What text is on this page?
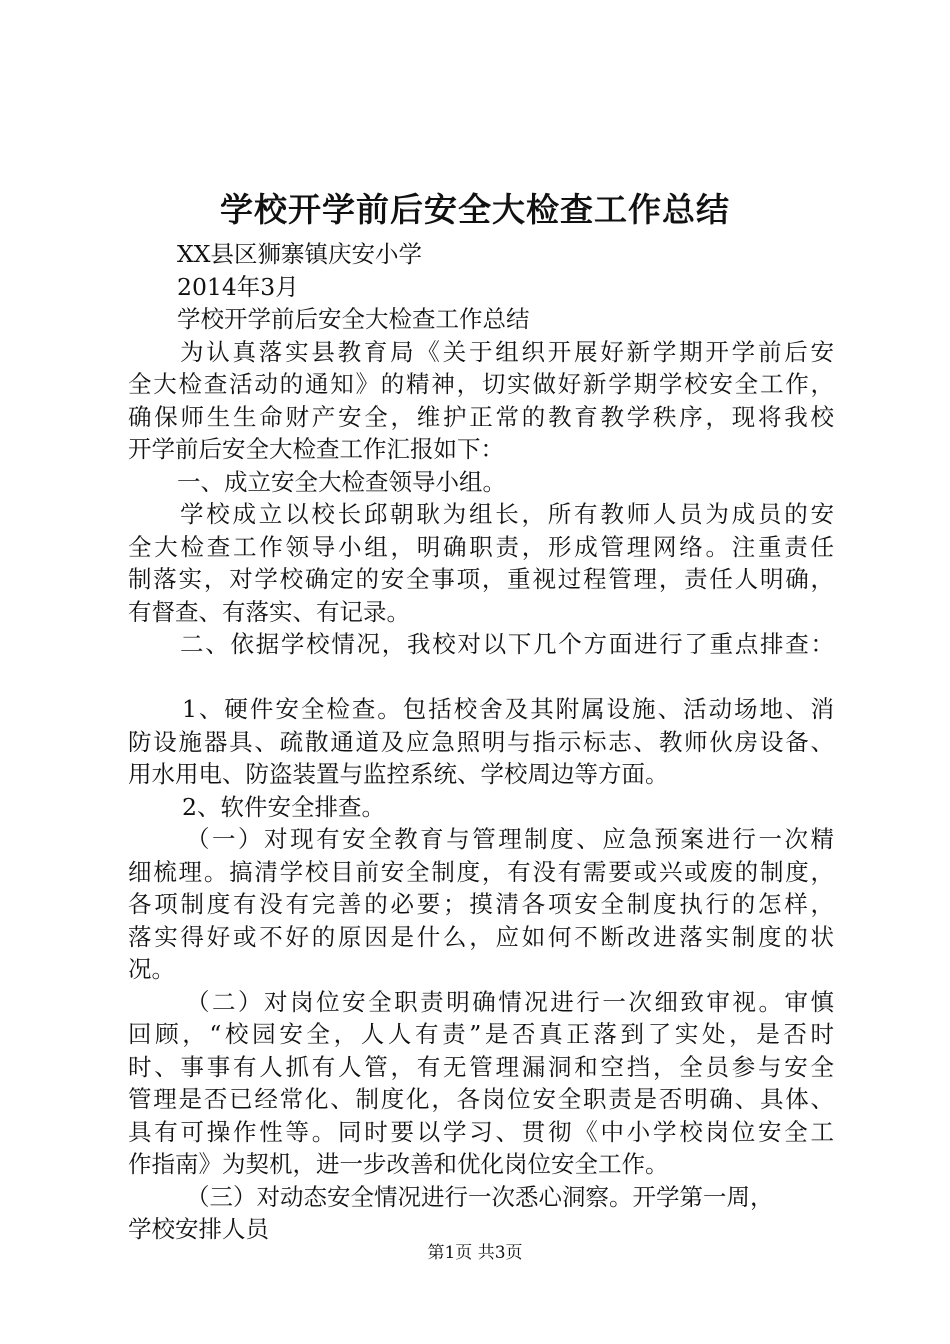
学校开学前后安全大检查工作总结
XX县区狮寨镇庆安小学
2014年3月
学校开学前后安全大检查工作总结
为认真落实县教育局《关于组织开展好新学期开学前后安
全大检查活动的通知》的精神，切实做好新学期学校安全工作，
确保师生生命财产安全，维护正常的教育教学秩序，现将我校
开学前后安全大检查工作汇报如下：
一、成立安全大检查领导小组。
学校成立以校长邱朝耿为组长，所有教师人员为成员的安
全大检查工作领导小组，明确职责，形成管理网络。注重责任
制落实，对学校确定的安全事项，重视过程管理，责任人明确，
有督查、有落实、有记录。
二、依据学校情况，我校对以下几个方面进行了重点排查：
1、硬件安全检查。包括校舍及其附属设施、活动场地、消
防设施器具、疏散通道及应急照明与指示标志、教师伙房设备、
用水用电、防盗装置与监控系统、学校周边等方面。
2、软件安全排查。
（一）对现有安全教育与管理制度、应急预案进行一次精
细梳理。搞清学校目前安全制度，有没有需要或兴或废的制度，
各项制度有没有完善的必要；摸清各项安全制度执行的怎样，
落实得好或不好的原因是什么，应如何不断改进落实制度的状
况。
（二）对岗位安全职责明确情况进行一次细致审视。审慎
回顾，“校园安全，人人有责”是否真正落到了实处，是否时
时、事事有人抓有人管，有无管理漏洞和空挡，全员参与安全
管理是否已经常化、制度化，各岗位安全职责是否明确、具体、
具有可操作性等。同时要以学习、贯彻《中小学校岗位安全工
作指南》为契机，进一步改善和优化岗位安全工作。
（三）对动态安全情况进行一次悉心洞察。开学第一周，
学校安排人员
第1页 共3页
